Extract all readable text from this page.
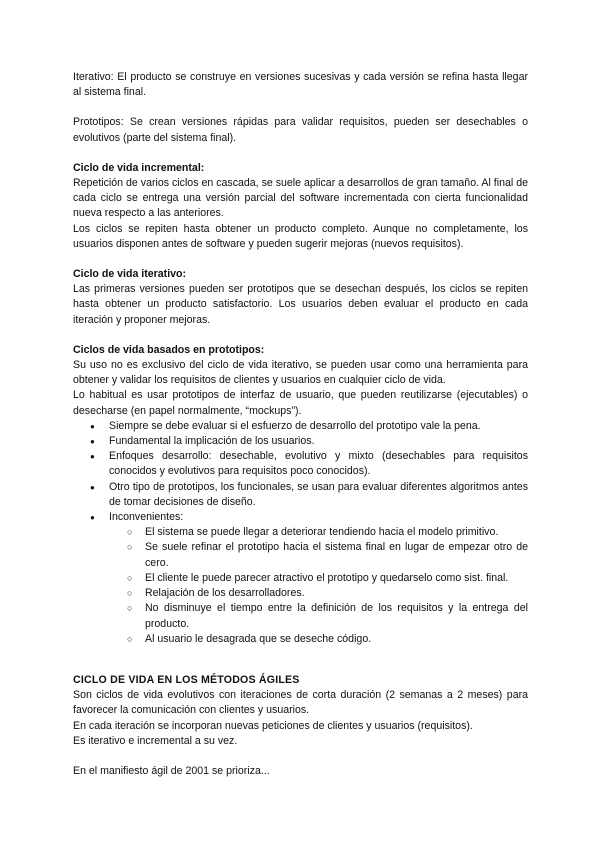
Iterativo: El producto se construye en versiones sucesivas y cada versión se refina hasta llegar al sistema final.

Prototipos: Se crean versiones rápidas para validar requisitos, pueden ser desechables o evolutivos (parte del sistema final).

Ciclo de vida incremental:

Repetición de varios ciclos en cascada, se suele aplicar a desarrollos de gran tamaño. Al final de cada ciclo se entrega una versión parcial del software incrementada con cierta funcionalidad nueva respecto a las anteriores.

Los ciclos se repiten hasta obtener un producto completo. Aunque no completamente, los usuarios disponen antes de software y pueden sugerir mejoras (nuevos requisitos).

Ciclo de vida iterativo:

Las primeras versiones pueden ser prototipos que se desechan después, los ciclos se repiten hasta obtener un producto satisfactorio. Los usuarios deben evaluar el producto en cada iteración y proponer mejoras.

Ciclos de vida basados en prototipos:

Su uso no es exclusivo del ciclo de vida iterativo, se pueden usar como una herramienta para obtener y validar los requisitos de clientes y usuarios en cualquier ciclo de vida.

Lo habitual es usar prototipos de interfaz de usuario, que pueden reutilizarse (ejecutables) o desecharse (en papel normalmente, “mockups”).

● Siempre se debe evaluar si el esfuerzo de desarrollo del prototipo vale la pena.
● Fundamental la implicación de los usuarios.
● Enfoques desarrollo: desechable, evolutivo y mixto (desechables para requisitos conocidos y evolutivos para requisitos poco conocidos).
● Otro tipo de prototipos, los funcionales, se usan para evaluar diferentes algoritmos antes de tomar decisiones de diseño.
● Inconvenientes:
○ El sistema se puede llegar a deteriorar tendiendo hacia el modelo primitivo.
○ Se suele refinar el prototipo hacia el sistema final en lugar de empezar otro de cero.
○ El cliente le puede parecer atractivo el prototipo y quedarselo como sist. final.
○ Relajación de los desarrolladores.
○ No disminuye el tiempo entre la definición de los requisitos y la entrega del producto.
○ Al usuario le desagrada que se deseche código.
CICLO DE VIDA EN LOS MÉTODOS ÁGILES

Son ciclos de vida evolutivos con iteraciones de corta duración (2 semanas a 2 meses) para favorecer la comunicación con clientes y usuarios.

En cada iteración se incorporan nuevas peticiones de clientes y usuarios (requisitos).

Es iterativo e incremental a su vez.

En el manifiesto ágil de 2001 se prioriza...
